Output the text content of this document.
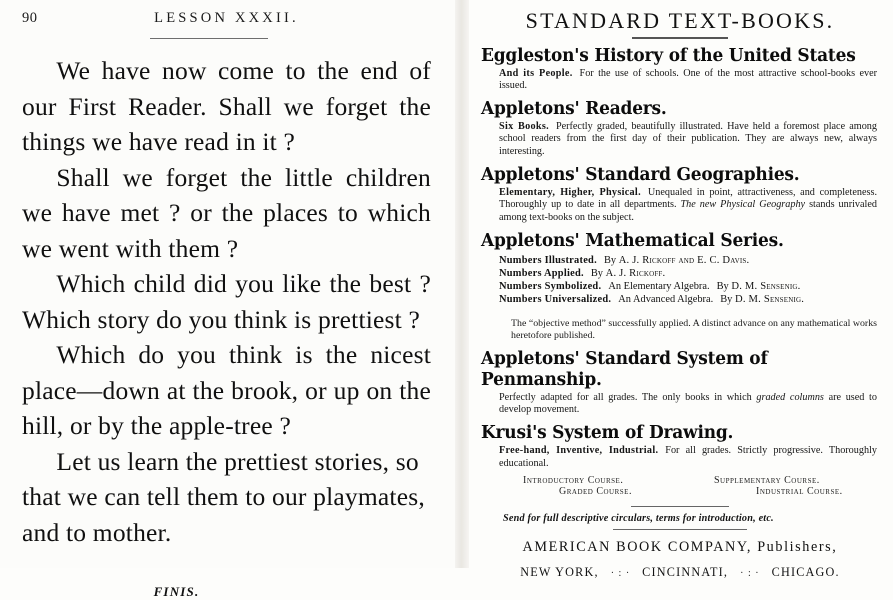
90	LESSON XXXII.

We have now come to the end of our First Reader. Shall we forget the things we have read in it ?

Shall we forget the little children we have met ? or the places to which we went with them ?

Which child did you like the best ? Which story do you think is prettiest ?

Which do you think is the nicest place—down at the brook, or up on the hill, or by the apple-tree ?

Let us learn the prettiest stories, so that we can tell them to our playmates, and to mother.

FINIS.
STANDARD TEXT-BOOKS.
Eggleston's History of the United States
And its People. For the use of schools. One of the most attractive school-books ever issued.
Appletons' Readers.
Six Books. Perfectly graded, beautifully illustrated. Have held a foremost place among school readers from the first day of their publication. They are always new, always interesting.
Appletons' Standard Geographies.
Elementary, Higher, Physical. Unequaled in point, attractiveness, and completeness. Thoroughly up to date in all departments. The new Physical Geography stands unrivaled among text-books on the subject.
Appletons' Mathematical Series.
Numbers Illustrated. By A. J. Rickoff and E. C. Davis.
Numbers Applied. By A. J. Rickoff.
Numbers Symbolized. An Elementary Algebra. By D. M. Sensenig.
Numbers Universalized. An Advanced Algebra. By D. M. Sensenig.
The “objective method” successfully applied. A distinct advance on any mathematical works heretofore published.
Appletons' Standard System of Penmanship.
Perfectly adapted for all grades. The only books in which graded columns are used to develop movement.
Krusi's System of Drawing.
Free-hand, Inventive, Industrial. For all grades. Strictly progressive. Thoroughly educational.
Introductory Course.	Supplementary Course.
Graded Course.	Industrial Course.
Send for full descriptive circulars, terms for introduction, etc.
AMERICAN BOOK COMPANY, Publishers,
NEW YORK,	· : · CINCINNATI,	· : · CHICAGO.
